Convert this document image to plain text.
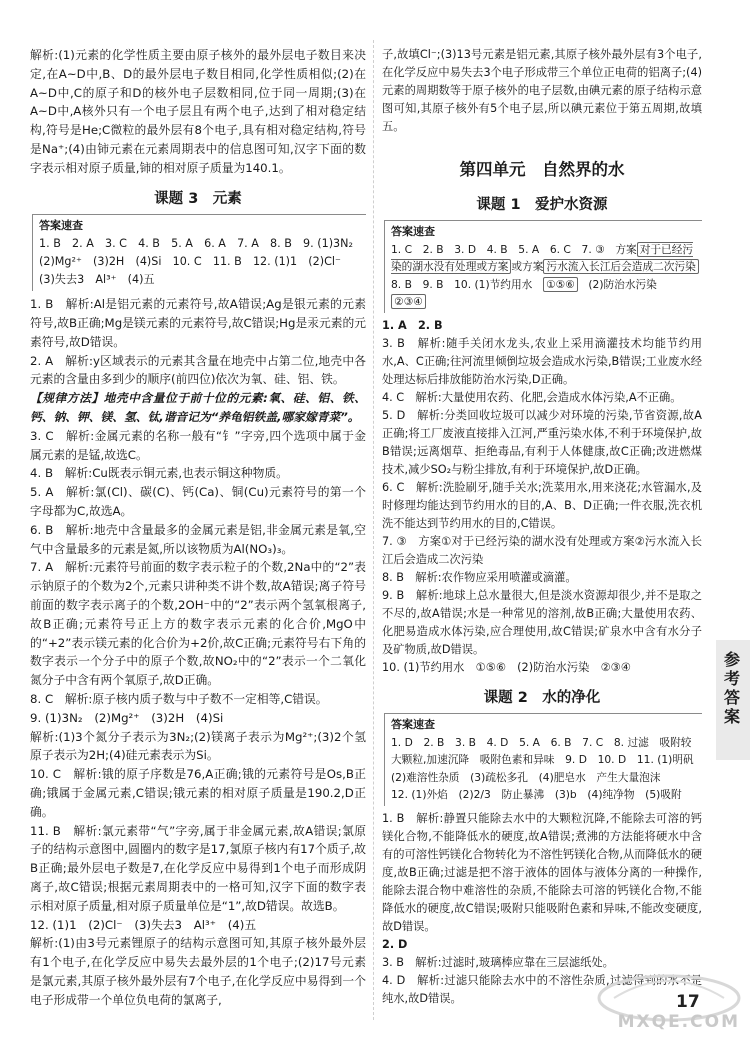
解析:(1)元素的化学性质主要由原子核外的最外层电子数目来决定,在A~D中,B、D的最外层电子数目相同,化学性质相似;(2)在A~D中,C的原子和D的核外电子层数相同,位于同一周期;(3)在A~D中,A核外只有一个电子层且有两个电子,达到了相对稳定结构,符号是He;C微粒的最外层有8个电子,具有相对稳定结构,符号是Na⁺;(4)由铈元素在元素周期表中的信息图可知,汉字下面的数字表示相对原子质量,铈的相对原子质量为140.1。

课题 3　元素
答案速查
1. B　2. A　3. C　4. B　5. A　6. A　7. A　8. B　9. (1)3N₂
(2)Mg²⁺　(3)2H　(4)Si　10. C　11. B　12. (1)1　(2)Cl⁻
(3)失去3　Al³⁺　(4)五

1. B　解析:Al是铝元素的元素符号,故A错误;Ag是银元素的元素符号,故B正确;Mg是镁元素的元素符号,故C错误;Hg是汞元素的元素符号,故D错误。

2. A　解析:y区域表示的元素其含量在地壳中占第二位,地壳中各元素的含量由多到少的顺序(前四位)依次为氧、硅、铝、铁。

【规律方法】地壳中含量位于前十位的元素:氧、硅、铝、铁、钙、钠、钾、镁、氢、钛,谐音记为“养龟铝铁盖,哪家嫁青菜”。

3. C　解析:金属元素的名称一般有“钅”字旁,四个选项中属于金属元素的是锰,故选C。

4. B　解析:Cu既表示铜元素,也表示铜这种物质。

5. A　解析:氯(Cl)、碳(C)、钙(Ca)、铜(Cu)元素符号的第一个字母都为C,故选A。

6. B　解析:地壳中含量最多的金属元素是铝,非金属元素是氧,空气中含量最多的元素是氮,所以该物质为Al(NO₃)₃。

7. A　解析:元素符号前面的数字表示粒子的个数,2Na中的“2”表示钠原子的个数为2个,元素只讲种类不讲个数,故A错误;离子符号前面的数字表示离子的个数,2OH⁻中的“2”表示两个氢氧根离子,故B正确;元素符号正上方的数字表示元素的化合价,MgO中的“+2”表示镁元素的化合价为+2价,故C正确;元素符号右下角的数字表示一个分子中的原子个数,故NO₂中的“2”表示一个二氧化氮分子中含有两个氧原子,故D正确。

8. C　解析:原子核内质子数与中子数不一定相等,C错误。

9. (1)3N₂　(2)Mg²⁺　(3)2H　(4)Si

解析:(1)3个氮分子表示为3N₂;(2)镁离子表示为Mg²⁺;(3)2个氢原子表示为2H;(4)硅元素表示为Si。

10. C　解析:锇的原子序数是76,A正确;锇的元素符号是Os,B正确;锇属于金属元素,C错误;锇元素的相对原子质量是190.2,D正确。

11. B　解析:氯元素带“气”字旁,属于非金属元素,故A错误;氯原子的结构示意图中,圆圈内的数字是17,氯原子核内有17个质子,故B正确;最外层电子数是7,在化学反应中易得到1个电子而形成阴离子,故C错误;根据元素周期表中的一格可知,汉字下面的数字表示相对原子质量,相对原子质量单位是“1”,故D错误。故选B。

12. (1)1　(2)Cl⁻　(3)失去3　Al³⁺　(4)五

解析:(1)由3号元素锂原子的结构示意图可知,其原子核外最外层有1个电子,在化学反应中易失去最外层的1个电子;(2)17号元素是氯元素,其原子核外最外层有7个电子,在化学反应中易得到一个电子形成带一个单位负电荷的氯离子,

子,故填Cl⁻;(3)13号元素是铝元素,其原子核外最外层有3个电子,在化学反应中易失去3个电子形成带三个单位正电荷的铝离子;(4)元素的周期数等于原子核外的电子层数,由碘元素的原子结构示意图可知,其原子核外有5个电子层,所以碘元素位于第五周期,故填五。

第四单元　自然界的水
课题 1　爱护水资源
答案速查
1. C　2. B　3. D　4. B　5. A　6. C　7. ③　方案 对于已经污染的湖水没有处理或方案 或方案 污水流入长江后会造成二次污染
8. B　9. B　10. (1)节约用水　①⑤⑥　(2)防治水污染　②③④

1. A　2. B

3. B　解析:随手关闭水龙头,农业上采用滴灌技术均能节约用水,A、C正确;往河流里倾倒垃圾会造成水污染,B错误;工业废水经处理达标后排放能防治水污染,D正确。

4. C　解析:大量使用农药、化肥,会造成水体污染,A不正确。

5. D　解析:分类回收垃圾可以减少对环境的污染,节省资源,故A正确;将工厂废液直接排入江河,严重污染水体,不利于环境保护,故B错误;远离烟草、拒绝毒品,有利于人体健康,故C正确;改进燃煤技术,减少SO₂与粉尘排放,有利于环境保护,故D正确。

6. C　解析:洗脸刷牙,随手关水;洗菜用水,用来浇花;水管漏水,及时修理均能达到节约用水的目的,A、B、D正确;一件衣服,洗衣机洗不能达到节约用水的目的,C错误。

7. ③　方案①对于已经污染的湖水没有处理或方案②污水流入长江后会造成二次污染

8. B　解析:农作物应采用喷灌或滴灌。

9. B　解析:地球上总水量很大,但是淡水资源却很少,并不是取之不尽的,故A错误;水是一种常见的溶剂,故B正确;大量使用农药、化肥易造成水体污染,应合理使用,故C错误;矿泉水中含有水分子及矿物质,故D错误。

10. (1)节约用水　①⑤⑥　(2)防治水污染　②③④

课题 2　水的净化
答案速查
1. D　2. B　3. B　4. D　5. A　6. B　7. C　8. 过滤　吸附较大颗粒,加速沉降　吸附色素和异味　9. D　10. D　11. (1)明矾
(2)难溶性杂质　(3)疏松多孔　(4)肥皂水　产生大量泡沫
12. (1)外焰　(2)2/3　防止暴沸　(3)b　(4)纯净物　(5)吸附

1. B　解析:静置只能除去水中的大颗粒沉降,不能除去可溶的钙镁化合物,不能降低水的硬度,故A错误;煮沸的方法能将硬水中含有的可溶性钙镁化合物转化为不溶性钙镁化合物,从而降低水的硬度,故B正确;过滤是把不溶于液体的固体与液体分离的一种操作,能除去混合物中难溶性的杂质,不能除去可溶的钙镁化合物,不能降低水的硬度,故C错误;吸附只能吸附色素和异味,不能改变硬度,故D错误。

2. D

3. B　解析:过滤时,玻璃棒应靠在三层滤纸处。

4. D　解析:过滤只能除去水中的不溶性杂质,过滤得到的水不是纯水,故D错误。

参考答案
MXQE.COM
17
